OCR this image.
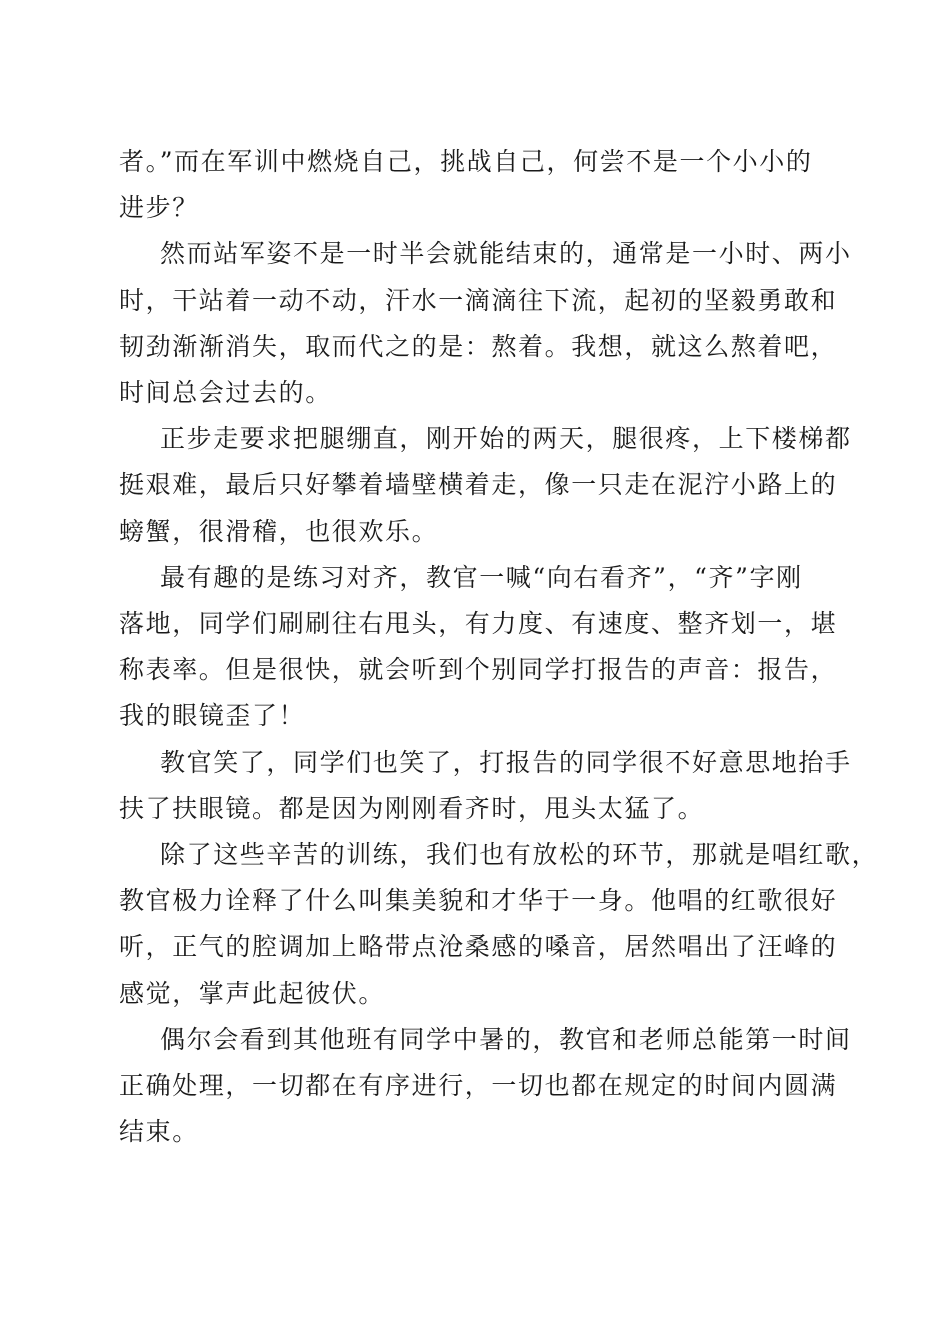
者。”而在军训中燃烧自己，挑战自己，何尝不是一个小小的
进步？

然而站军姿不是一时半会就能结束的，通常是一小时、两小
时，干站着一动不动，汗水一滴滴往下流，起初的坚毅勇敢和
韧劲渐渐消失，取而代之的是：熬着。我想，就这么熬着吧，
时间总会过去的。

正步走要求把腿绷直，刚开始的两天，腿很疼，上下楼梯都
挺艰难，最后只好攀着墙壁横着走，像一只走在泥泞小路上的
螃蟹，很滑稽，也很欢乐。

最有趣的是练习对齐，教官一喊“向右看齐”，“齐”字刚
落地，同学们刷刷往右甩头，有力度、有速度、整齐划一，堪
称表率。但是很快，就会听到个别同学打报告的声音：报告，
我的眼镜歪了！

教官笑了，同学们也笑了，打报告的同学很不好意思地抬手
扶了扶眼镜。都是因为刚刚看齐时，甩头太猛了。

除了这些辛苦的训练，我们也有放松的环节，那就是唱红歌，
教官极力诠释了什么叫集美貌和才华于一身。他唱的红歌很好
听，正气的腔调加上略带点沧桑感的嗓音，居然唱出了汪峰的
感觉，掌声此起彼伏。

偶尔会看到其他班有同学中暑的，教官和老师总能第一时间
正确处理，一切都在有序进行，一切也都在规定的时间内圆满
结束。
